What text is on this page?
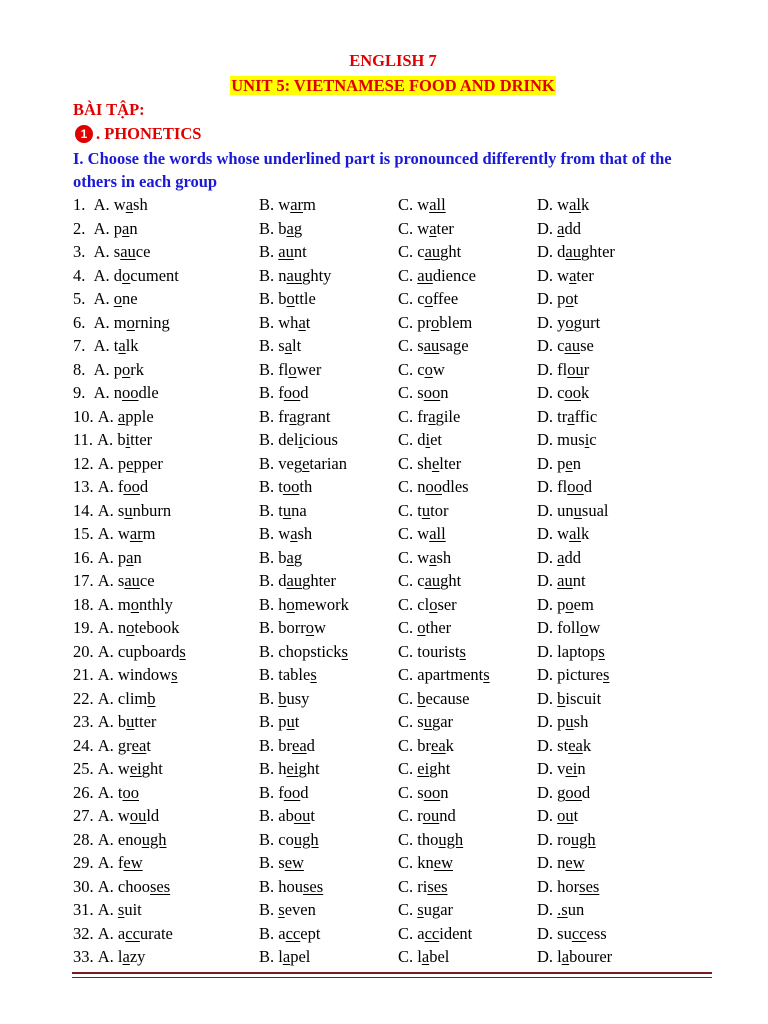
ENGLISH 7
UNIT 5: VIETNAMESE FOOD AND DRINK
BÀI TẬP:
1 . PHONETICS
I. Choose the words whose underlined part is pronounced differently from that of the others in each group
1.  A. wash	B. warm	C. wall	D. walk
2.  A. pan	B. bag	C. water	D. add
3.  A. sauce	B. aunt	C. caught	D. daughter
4.  A. document	B. naughty	C. audience	D. water
5.  A. one	B. bottle	C. coffee	D. pot
6.  A. morning	B. what	C. problem	D. yogurt
7.  A. talk	B. salt	C. sausage	D. cause
8.  A. pork	B. flower	C. cow	D. flour
9.  A. noodle	B. food	C. soon	D. cook
10. A. apple	B. fragrant	C. fragile	D. traffic
11. A. bitter	B. delicious	C. diet	D. music
12. A. pepper	B. vegetarian	C. shelter	D. pen
13. A. food	B. tooth	C. noodles	D. flood
14. A. sunburn	B. tuna	C. tutor	D. unusual
15. A. warm	B. wash	C. wall	D. walk
16. A. pan	B. bag	C. wash	D. add
17. A. sauce	B. daughter	C. caught	D. aunt
18. A. monthly	B. homework	C. closer	D. poem
19. A. notebook	B. borrow	C. other	D. follow
20. A. cupboards	B. chopsticks	C. tourists	D. laptops
21. A. windows	B. tables	C. apartments	D. pictures
22. A. climb	B. busy	C. because	D. biscuit
23. A. butter	B. put	C. sugar	D. push
24. A. great	B. bread	C. break	D. steak
25. A. weight	B. height	C. eight	D. vein
26. A. too	B. food	C. soon	D. good
27. A. would	B. about	C. round	D. out
28. A. enough	B. cough	C. though	D. rough
29. A. few	B. sew	C. knew	D. new
30. A. chooses	B. houses	C. rises	D. horses
31. A. suit	B. seven	C. sugar	D. .sun
32. A. accurate	B. accept	C. accident	D. success
33. A. lazy	B. lapel	C. label	D. labourer
